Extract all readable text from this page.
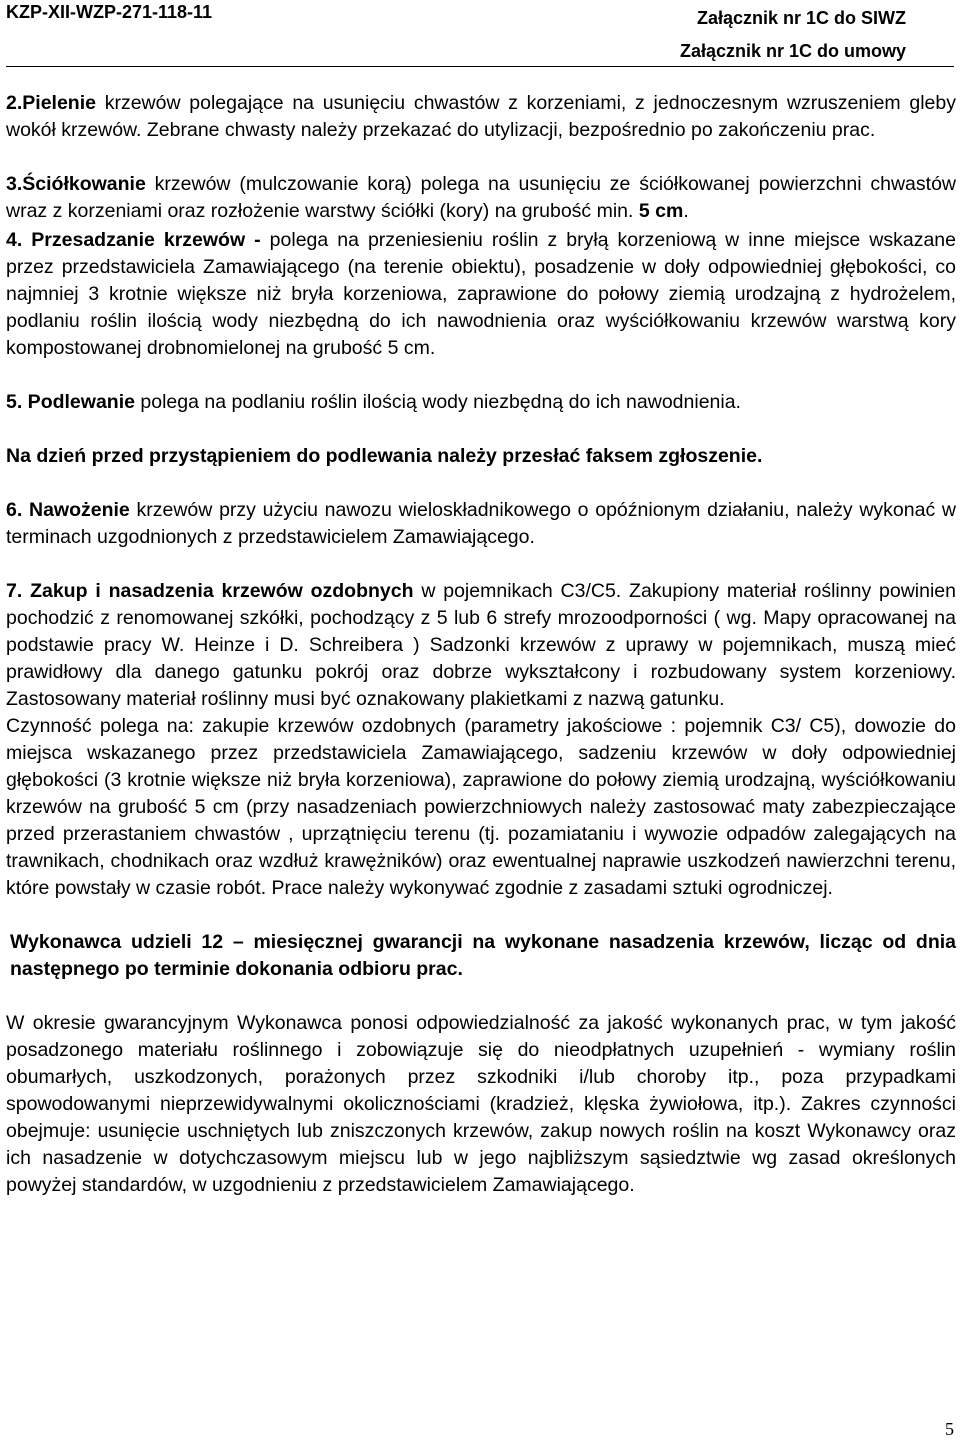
KZP-XII-WZP-271-118-11	Załącznik nr 1C do SIWZ
Załącznik nr 1C do umowy

2.Pielenie krzewów polegające na usunięciu chwastów z korzeniami, z jednoczesnym wzruszeniem gleby wokół krzewów. Zebrane chwasty należy przekazać do utylizacji, bezpośrednio po zakończeniu prac.

3.Ściółkowanie krzewów (mulczowanie korą) polega na usunięciu ze ściółkowanej powierzchni chwastów wraz z korzeniami oraz rozłożenie warstwy ściółki (kory) na grubość min. 5 cm.

4. Przesadzanie krzewów - polega na przeniesieniu roślin z bryłą korzeniową w inne miejsce wskazane przez przedstawiciela Zamawiającego (na terenie obiektu), posadzenie w doły odpowiedniej głębokości, co najmniej 3 krotnie większe niż bryła korzeniowa, zaprawione do połowy ziemią urodzajną z hydrożelem, podlaniu roślin ilością wody niezbędną do ich nawodnienia oraz wyściółkowaniu krzewów warstwą kory kompostowanej drobnomielonej na grubość 5 cm.

5. Podlewanie polega na podlaniu roślin ilością wody niezbędną do ich nawodnienia.

Na dzień przed przystąpieniem do podlewania należy przesłać faksem zgłoszenie.

6. Nawożenie krzewów przy użyciu nawozu wieloskładnikowego o opóźnionym działaniu, należy wykonać w terminach uzgodnionych z przedstawicielem Zamawiającego.

7. Zakup i nasadzenia krzewów ozdobnych w pojemnikach C3/C5. Zakupiony materiał roślinny powinien pochodzić z renomowanej szkółki, pochodzący z 5 lub 6 strefy mrozoodporności ( wg. Mapy opracowanej na podstawie pracy W. Heinze i D. Schreibera ) Sadzonki krzewów z uprawy w pojemnikach, muszą mieć prawidłowy dla danego gatunku pokrój oraz dobrze wykształcony i rozbudowany system korzeniowy. Zastosowany materiał roślinny musi być oznakowany plakietkami z nazwą gatunku.

Czynność polega na: zakupie krzewów ozdobnych (parametry jakościowe : pojemnik C3/ C5), dowozie do miejsca wskazanego przez przedstawiciela Zamawiającego, sadzeniu krzewów w doły odpowiedniej głębokości (3 krotnie większe niż bryła korzeniowa), zaprawione do połowy ziemią urodzajną, wyściółkowaniu krzewów na grubość 5 cm (przy nasadzeniach powierzchniowych należy zastosować maty zabezpieczające przed przerastaniem chwastów , uprzątnięciu terenu (tj. pozamiataniu i wywozie odpadów zalegających na trawnikach, chodnikach oraz wzdłuż krawężników) oraz ewentualnej naprawie uszkodzeń nawierzchni terenu, które powstały w czasie robót. Prace należy wykonywać zgodnie z zasadami sztuki ogrodniczej.

Wykonawca udzieli 12 – miesięcznej gwarancji na wykonane nasadzenia krzewów, licząc od dnia następnego po terminie dokonania odbioru prac.

W okresie gwarancyjnym Wykonawca ponosi odpowiedzialność za jakość wykonanych prac, w tym jakość posadzonego materiału roślinnego i zobowiązuje się do nieodpłatnych uzupełnień - wymiany roślin obumarłych, uszkodzonych, porażonych przez szkodniki i/lub choroby itp., poza przypadkami spowodowanymi nieprzewidywalnymi okolicznościami (kradzież, klęska żywiołowa, itp.). Zakres czynności obejmuje: usunięcie uschniętych lub zniszczonych krzewów, zakup nowych roślin na koszt Wykonawcy oraz ich nasadzenie w dotychczasowym miejscu lub w jego najbliższym sąsiedztwie wg zasad określonych powyżej standardów, w uzgodnieniu z przedstawicielem Zamawiającego.

5
